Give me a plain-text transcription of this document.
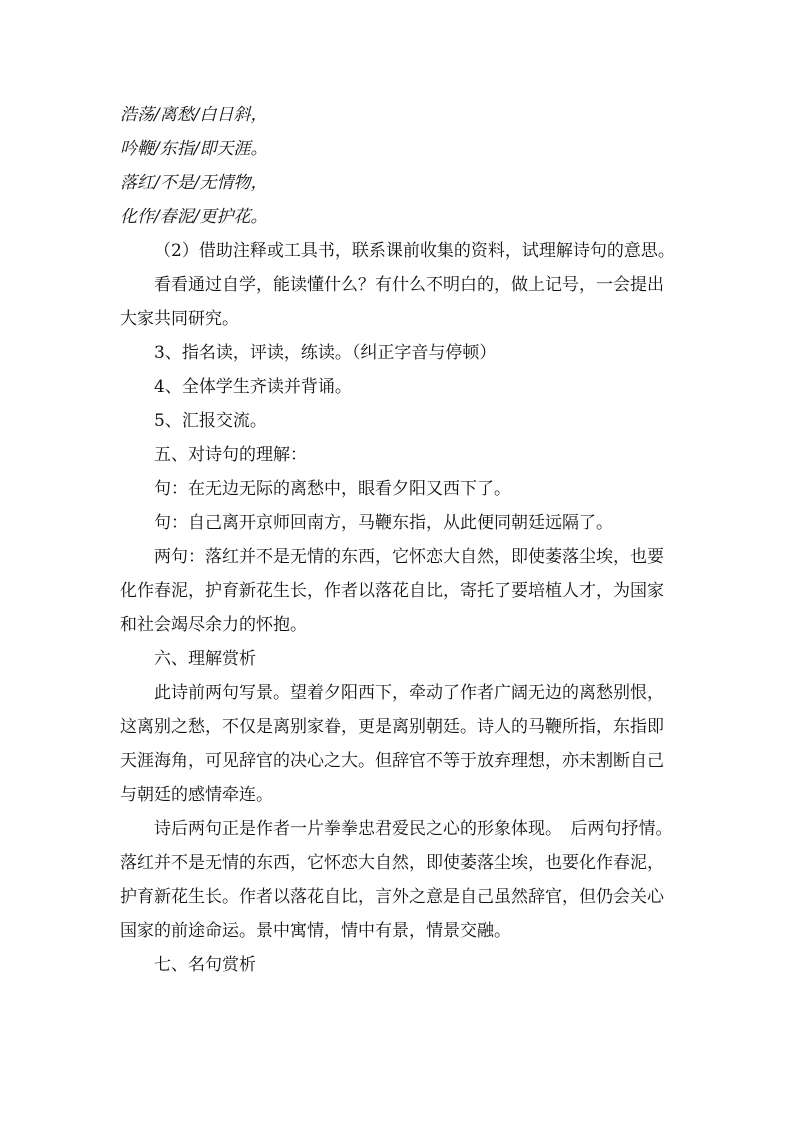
浩荡/离愁/白日斜，

吟鞭/东指/即天涯。

落红/不是/无情物，

化作/春泥/更护花。

（2）借助注释或工具书，联系课前收集的资料，试理解诗句的意思。

看看通过自学，能读懂什么？有什么不明白的，做上记号，一会提出大家共同研究。

3、指名读，评读，练读。（纠正字音与停顿）

4、全体学生齐读并背诵。

5、汇报交流。

五、对诗句的理解：

句：在无边无际的离愁中，眼看夕阳又西下了。

句：自己离开京师回南方，马鞭东指，从此便同朝廷远隔了。

两句：落红并不是无情的东西，它怀恋大自然，即使萎落尘埃，也要化作春泥，护育新花生长，作者以落花自比，寄托了要培植人才，为国家和社会竭尽余力的怀抱。

六、理解赏析

此诗前两句写景。望着夕阳西下，牵动了作者广阔无边的离愁别恨，这离别之愁，不仅是离别家眷，更是离别朝廷。诗人的马鞭所指，东指即天涯海角，可见辞官的决心之大。但辞官不等于放弃理想，亦未割断自己与朝廷的感情牵连。

诗后两句正是作者一片拳拳忠君爱民之心的形象体现。　后两句抒情。落红并不是无情的东西，它怀恋大自然，即使萎落尘埃，也要化作春泥，护育新花生长。作者以落花自比，言外之意是自己虽然辞官，但仍会关心国家的前途命运。景中寓情，情中有景，情景交融。

七、名句赏析
